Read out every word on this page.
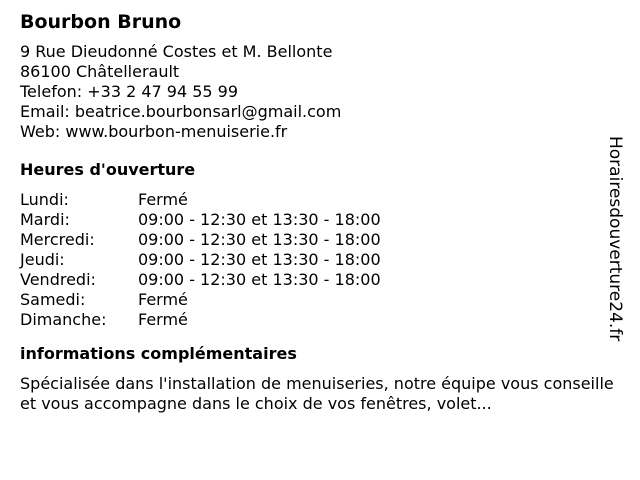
Bourbon Bruno
9 Rue Dieudonné Costes et M. Bellonte
86100 Châtellerault
Telefon: +33 2 47 94 55 99
Email: beatrice.bourbonsarl@gmail.com
Web: www.bourbon-menuiserie.fr
Heures d'ouverture
Lundi:	Fermé
Mardi:	09:00 - 12:30 et 13:30 - 18:00
Mercredi:	09:00 - 12:30 et 13:30 - 18:00
Jeudi:	09:00 - 12:30 et 13:30 - 18:00
Vendredi:	09:00 - 12:30 et 13:30 - 18:00
Samedi:	Fermé
Dimanche:	Fermé
informations complémentaires

Spécialisée dans l'installation de menuiseries, notre équipe vous conseille et vous accompagne dans le choix de vos fenêtres, volet...

Horairesdouverture24.fr
